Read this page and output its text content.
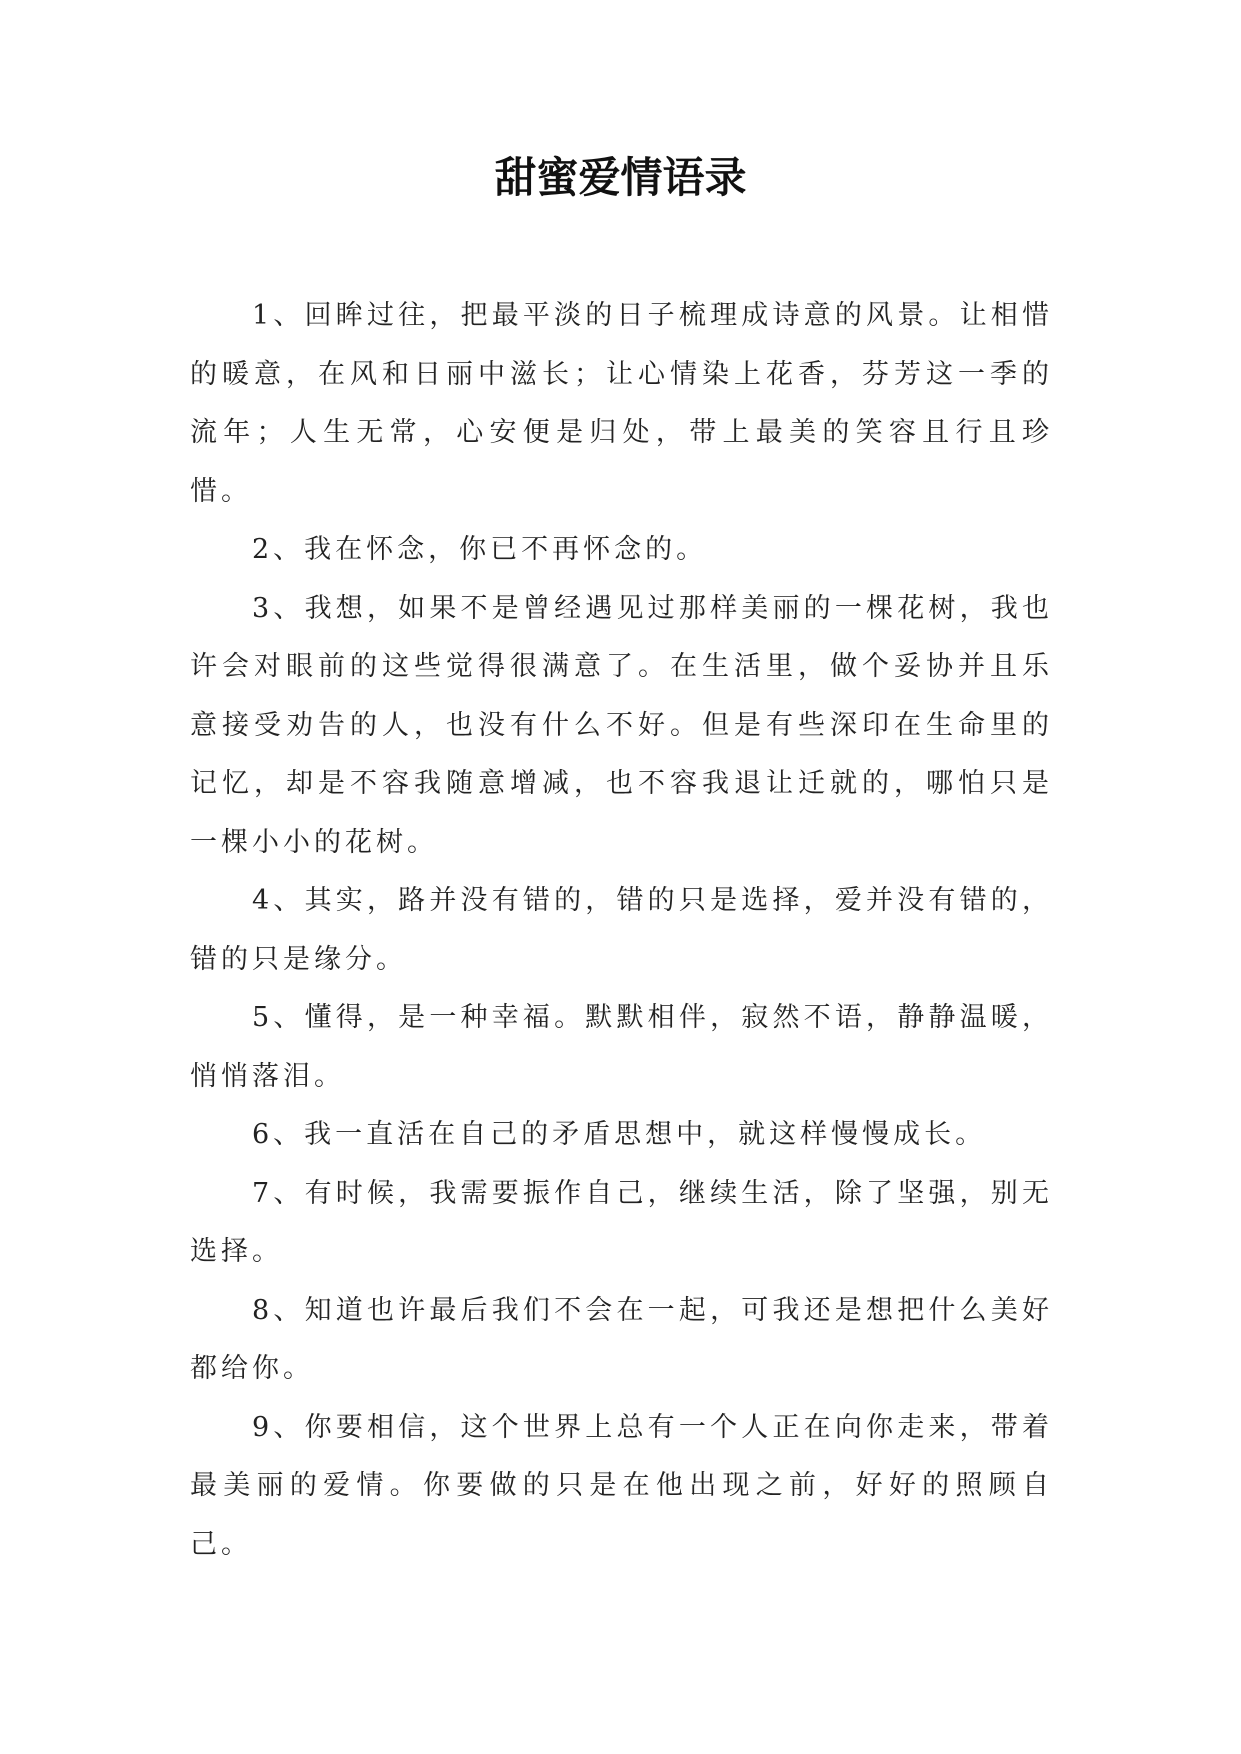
甜蜜爱情语录

1、回眸过往，把最平淡的日子梳理成诗意的风景。让相惜的暖意，在风和日丽中滋长；让心情染上花香，芬芳这一季的流年；人生无常，心安便是归处，带上最美的笑容且行且珍惜。

2、我在怀念，你已不再怀念的。

3、我想，如果不是曾经遇见过那样美丽的一棵花树，我也许会对眼前的这些觉得很满意了。在生活里，做个妥协并且乐意接受劝告的人，也没有什么不好。但是有些深印在生命里的记忆，却是不容我随意增减，也不容我退让迁就的，哪怕只是一棵小小的花树。

4、其实，路并没有错的，错的只是选择，爱并没有错的，错的只是缘分。

5、懂得，是一种幸福。默默相伴，寂然不语，静静温暖，悄悄落泪。

6、我一直活在自己的矛盾思想中，就这样慢慢成长。

7、有时候，我需要振作自己，继续生活，除了坚强，别无选择。

8、知道也许最后我们不会在一起，可我还是想把什么美好都给你。

9、你要相信，这个世界上总有一个人正在向你走来，带着最美丽的爱情。你要做的只是在他出现之前，好好的照顾自己。
